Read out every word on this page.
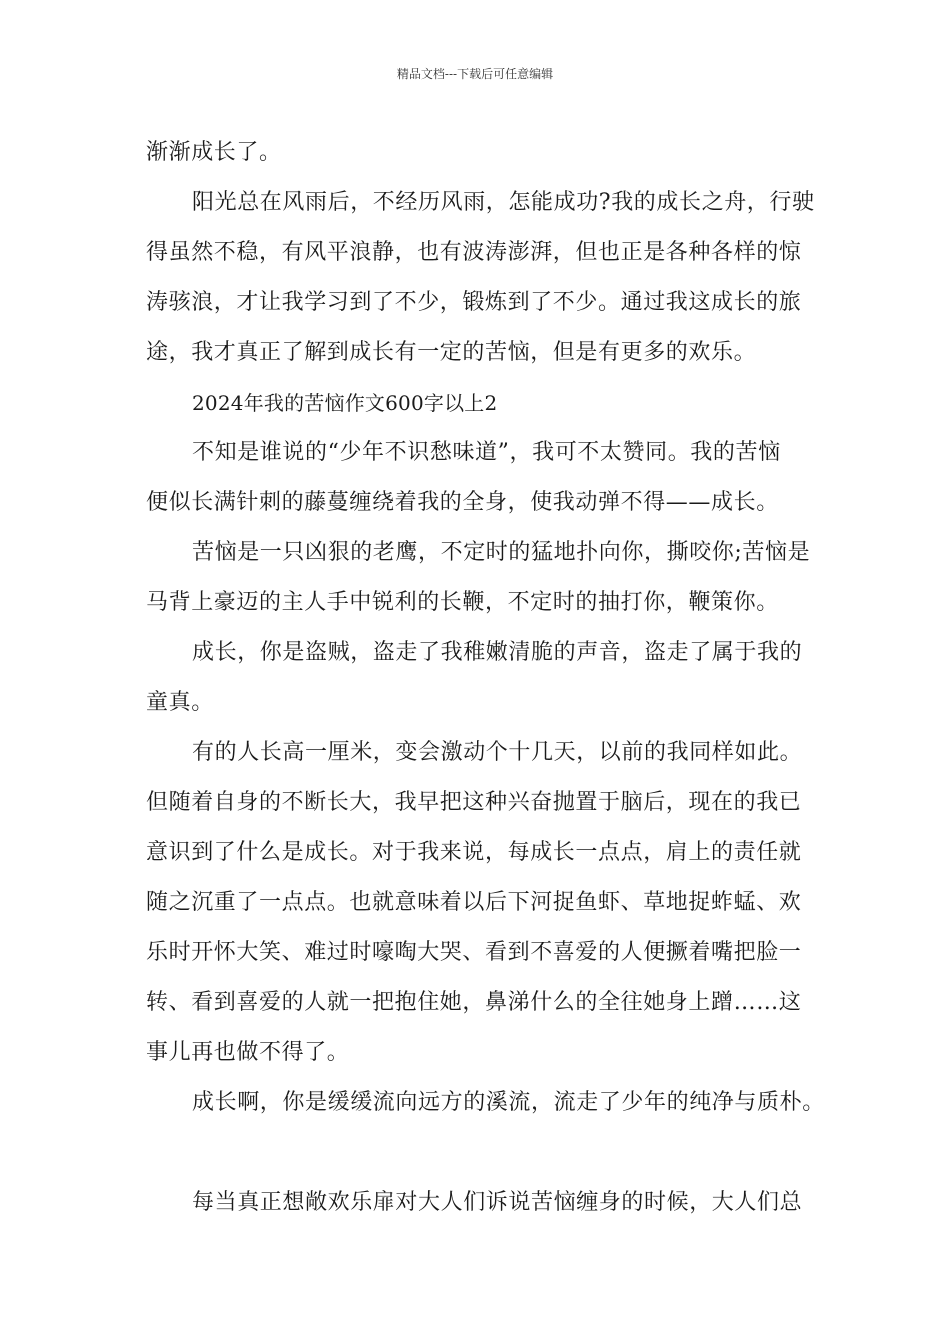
精品文档---下载后可任意编辑
渐渐成长了。
阳光总在风雨后，不经历风雨，怎能成功?我的成长之舟，行驶
得虽然不稳，有风平浪静，也有波涛澎湃，但也正是各种各样的惊
涛骇浪，才让我学习到了不少，锻炼到了不少。通过我这成长的旅
途，我才真正了解到成长有一定的苦恼，但是有更多的欢乐。
2024年我的苦恼作文600字以上2
不知是谁说的“少年不识愁味道”，我可不太赞同。我的苦恼
便似长满针刺的藤蔓缠绕着我的全身，使我动弹不得——成长。
苦恼是一只凶狠的老鹰，不定时的猛地扑向你，撕咬你;苦恼是
马背上豪迈的主人手中锐利的长鞭，不定时的抽打你，鞭策你。
成长，你是盗贼，盗走了我稚嫩清脆的声音，盗走了属于我的
童真。
有的人长高一厘米，变会激动个十几天，以前的我同样如此。
但随着自身的不断长大，我早把这种兴奋抛置于脑后，现在的我已
意识到了什么是成长。对于我来说，每成长一点点，肩上的责任就
随之沉重了一点点。也就意味着以后下河捉鱼虾、草地捉蚱蜢、欢
乐时开怀大笑、难过时嚎啕大哭、看到不喜爱的人便撅着嘴把脸一
转、看到喜爱的人就一把抱住她，鼻涕什么的全往她身上蹭……这
事儿再也做不得了。
成长啊，你是缓缓流向远方的溪流，流走了少年的纯净与质朴。
每当真正想敞欢乐扉对大人们诉说苦恼缠身的时候，大人们总
